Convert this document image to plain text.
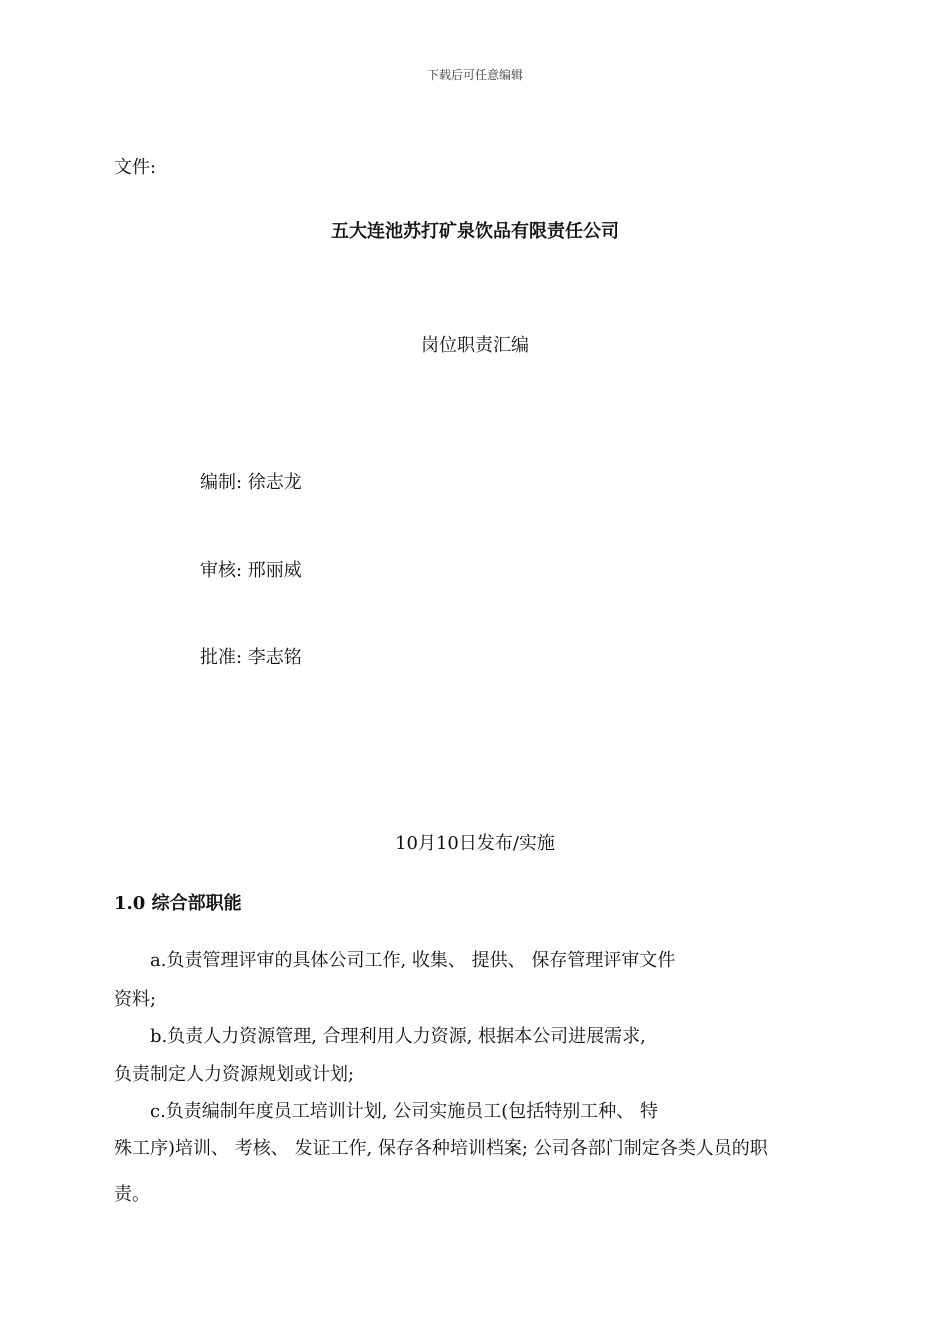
下载后可任意编辑
文件:
五大连池苏打矿泉饮品有限责任公司
岗位职责汇编
编制: 徐志龙
审核: 邢丽威
批准: 李志铭
10月10日发布/实施
1.0 综合部职能
a.负责管理评审的具体公司工作, 收集、 提供、 保存管理评审文件
资料;
b.负责人力资源管理, 合理利用人力资源, 根据本公司进展需求,
负责制定人力资源规划或计划;
c.负责编制年度员工培训计划, 公司实施员工(包括特别工种、 特
殊工序)培训、 考核、 发证工作, 保存各种培训档案; 公司各部门制定各类人员的职
责。
